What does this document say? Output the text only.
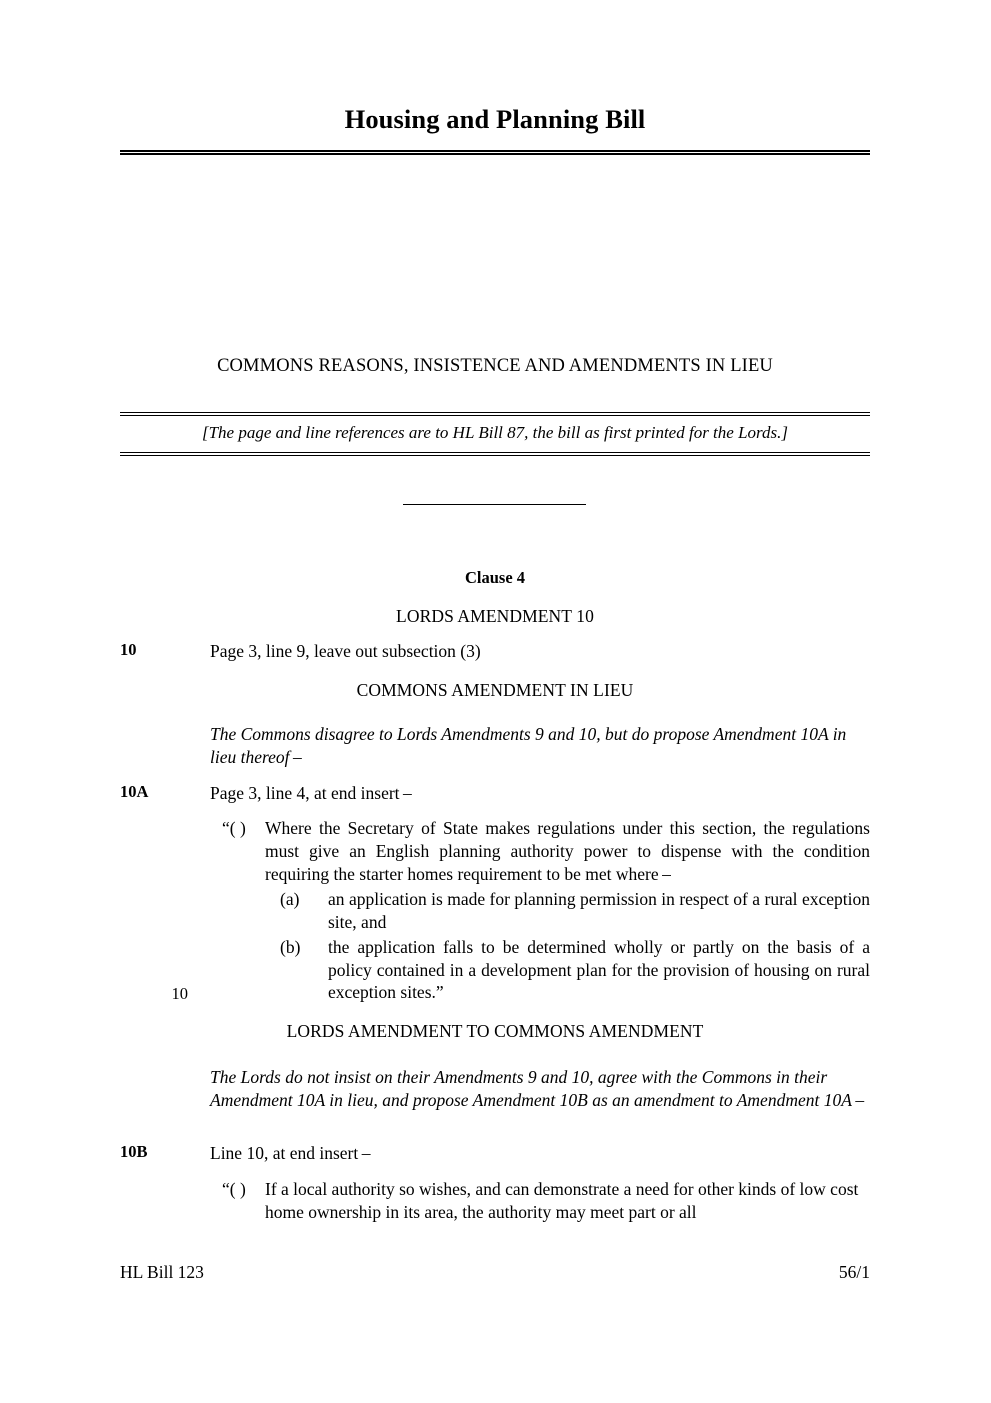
Housing and Planning Bill
COMMONS REASONS, INSISTENCE AND AMENDMENTS IN LIEU
[The page and line references are to HL Bill 87, the bill as first printed for the Lords.]
Clause 4
LORDS AMENDMENT 10
10	Page 3, line 9, leave out subsection (3)
COMMONS AMENDMENT IN LIEU
The Commons disagree to Lords Amendments 9 and 10, but do propose Amendment 10A in lieu thereof –
10A	Page 3, line 4, at end insert –
“( )	Where the Secretary of State makes regulations under this section, the regulations must give an English planning authority power to dispense with the condition requiring the starter homes requirement to be met where –
(a)	an application is made for planning permission in respect of a rural exception site, and
(b)	the application falls to be determined wholly or partly on the basis of a policy contained in a development plan for the provision of housing on rural exception sites.”
10
LORDS AMENDMENT TO COMMONS AMENDMENT
The Lords do not insist on their Amendments 9 and 10, agree with the Commons in their Amendment 10A in lieu, and propose Amendment 10B as an amendment to Amendment 10A –
10B	Line 10, at end insert –
“( )	If a local authority so wishes, and can demonstrate a need for other kinds of low cost home ownership in its area, the authority may meet part or all
HL Bill 123	56/1
